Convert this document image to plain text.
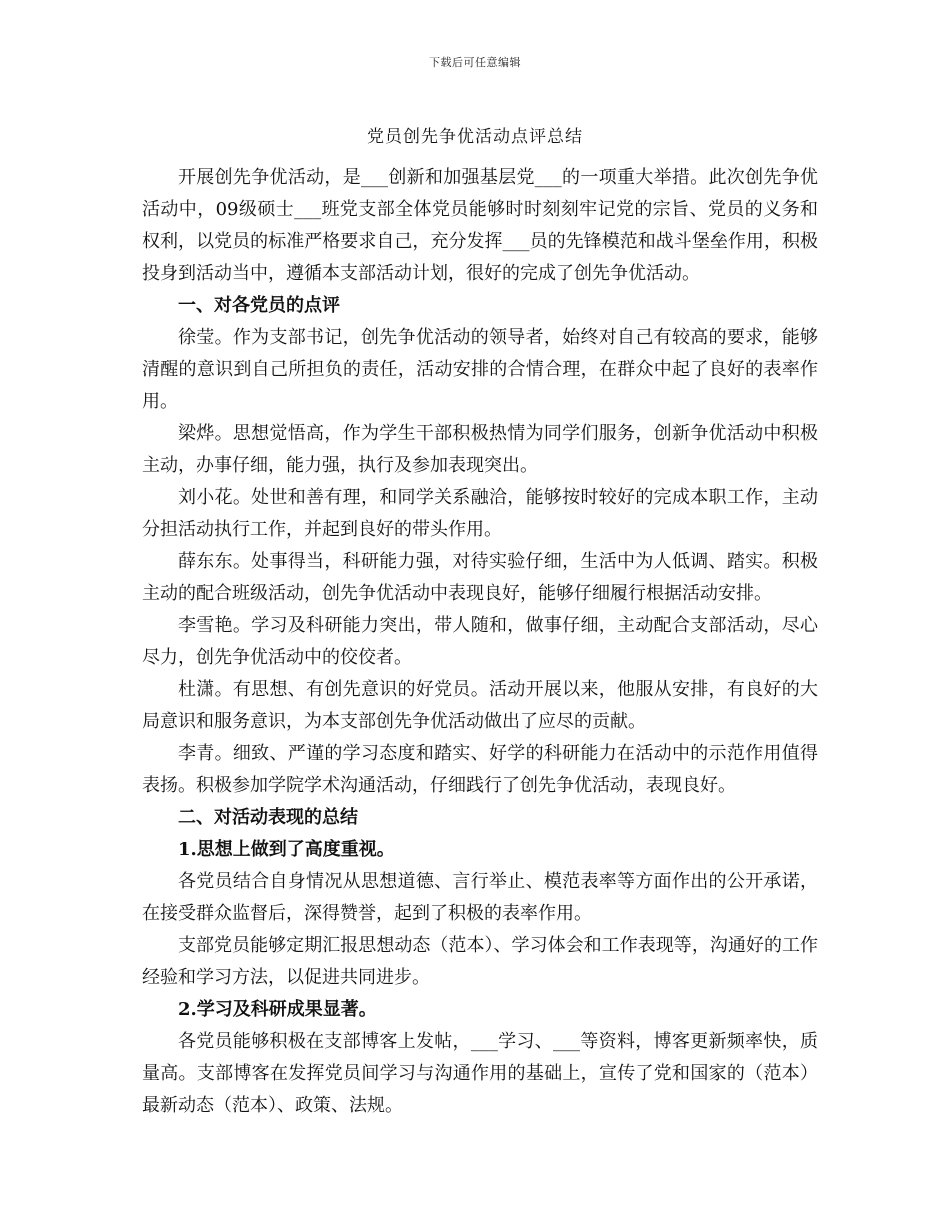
下载后可任意编辑
党员创先争优活动点评总结

开展创先争优活动，是___创新和加强基层党___的一项重大举措。此次创先争优活动中，09级硕士___班党支部全体党员能够时时刻刻牢记党的宗旨、党员的义务和权利，以党员的标准严格要求自己，充分发挥___员的先锋模范和战斗堡垒作用，积极投身到活动当中，遵循本支部活动计划，很好的完成了创先争优活动。

一、对各党员的点评

徐莹。作为支部书记，创先争优活动的领导者，始终对自己有较高的要求，能够清醒的意识到自己所担负的责任，活动安排的合情合理，在群众中起了良好的表率作用。

梁烨。思想觉悟高，作为学生干部积极热情为同学们服务，创新争优活动中积极主动，办事仔细，能力强，执行及参加表现突出。

刘小花。处世和善有理，和同学关系融洽，能够按时较好的完成本职工作，主动分担活动执行工作，并起到良好的带头作用。

薛东东。处事得当，科研能力强，对待实验仔细，生活中为人低调、踏实。积极主动的配合班级活动，创先争优活动中表现良好，能够仔细履行根据活动安排。

李雪艳。学习及科研能力突出，带人随和，做事仔细，主动配合支部活动，尽心尽力，创先争优活动中的佼佼者。

杜潇。有思想、有创先意识的好党员。活动开展以来，他服从安排，有良好的大局意识和服务意识，为本支部创先争优活动做出了应尽的贡献。

李青。细致、严谨的学习态度和踏实、好学的科研能力在活动中的示范作用值得表扬。积极参加学院学术沟通活动，仔细践行了创先争优活动，表现良好。

二、对活动表现的总结

1.思想上做到了高度重视。

各党员结合自身情况从思想道德、言行举止、模范表率等方面作出的公开承诺，在接受群众监督后，深得赞誉，起到了积极的表率作用。

支部党员能够定期汇报思想动态（范本）、学习体会和工作表现等，沟通好的工作经验和学习方法，以促进共同进步。

2.学习及科研成果显著。

各党员能够积极在支部博客上发帖，___学习、___等资料，博客更新频率快，质量高。支部博客在发挥党员间学习与沟通作用的基础上，宣传了党和国家的（范本）最新动态（范本）、政策、法规。
